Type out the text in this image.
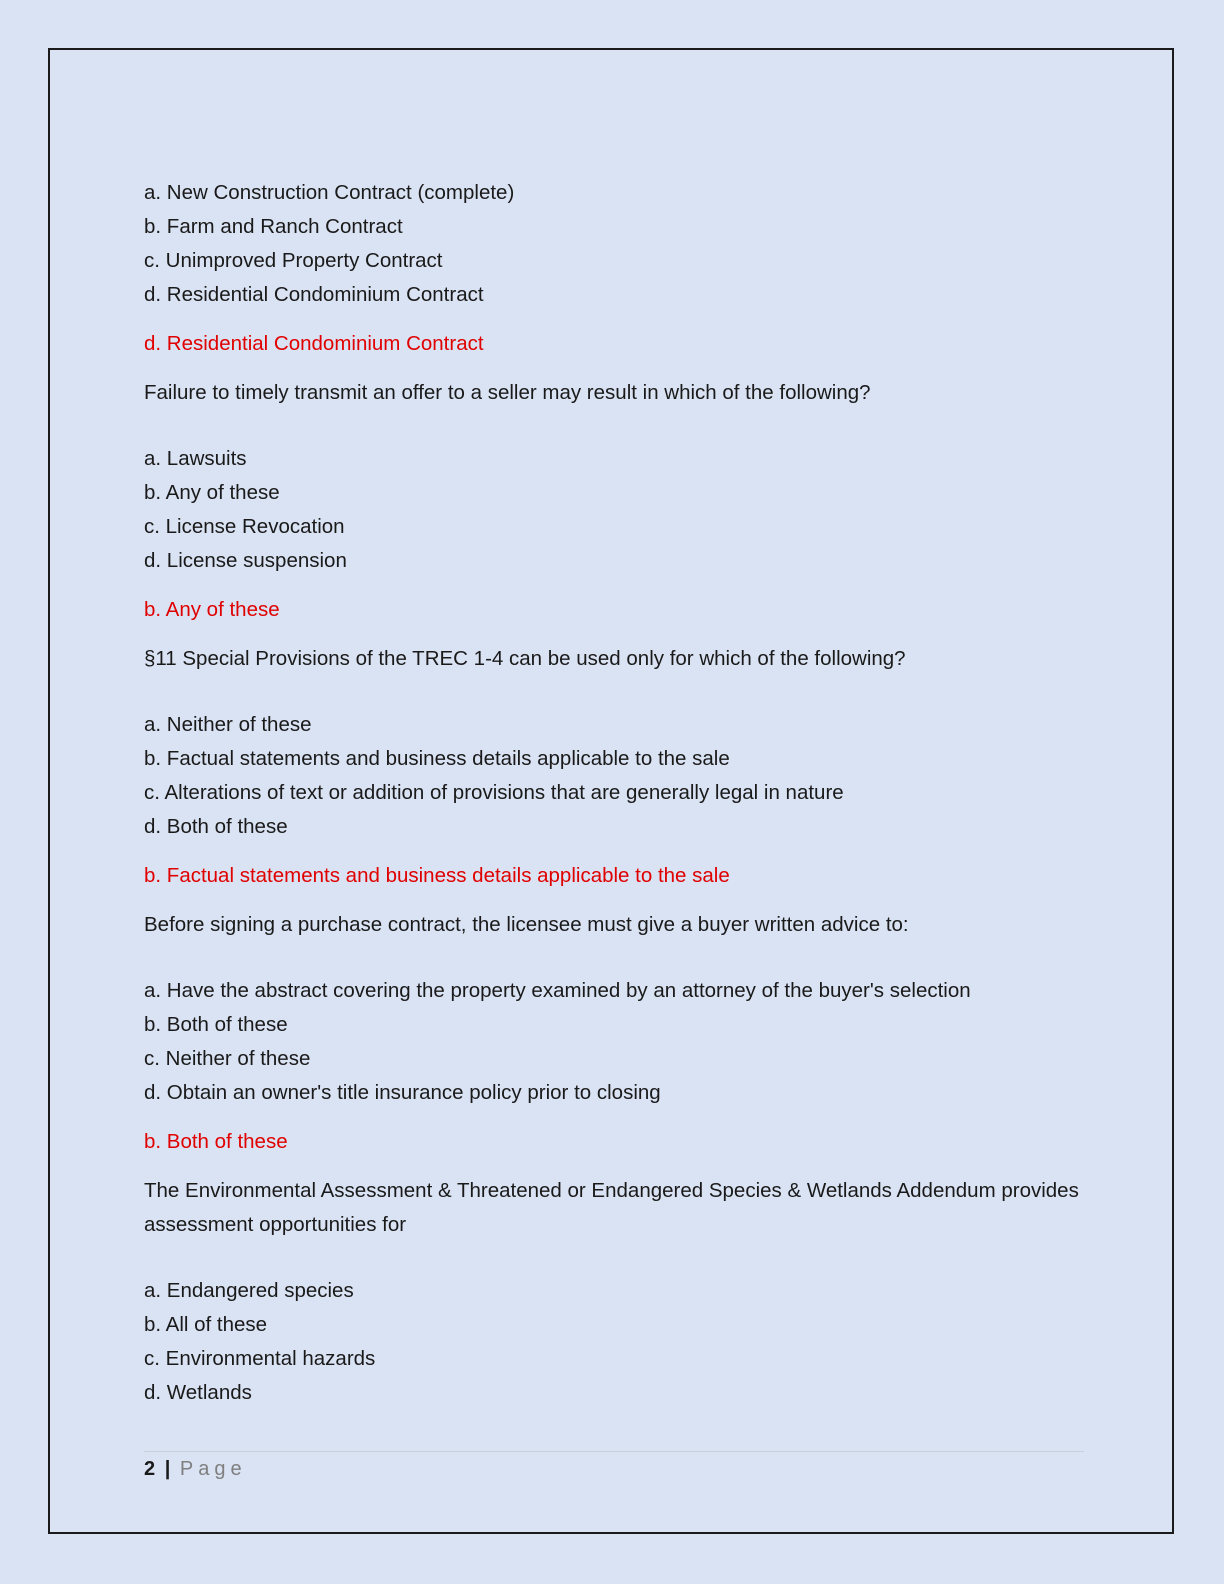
a. New Construction Contract (complete)
b. Farm and Ranch Contract
c. Unimproved Property Contract
d. Residential Condominium Contract
d. Residential Condominium Contract
Failure to timely transmit an offer to a seller may result in which of the following?
a. Lawsuits
b. Any of these
c. License Revocation
d. License suspension
b. Any of these
§11 Special Provisions of the TREC 1-4 can be used only for which of the following?
a. Neither of these
b. Factual statements and business details applicable to the sale
c. Alterations of text or addition of provisions that are generally legal in nature
d. Both of these
b. Factual statements and business details applicable to the sale
Before signing a purchase contract, the licensee must give a buyer written advice to:
a. Have the abstract covering the property examined by an attorney of the buyer's selection
b. Both of these
c. Neither of these
d. Obtain an owner's title insurance policy prior to closing
b. Both of these
The Environmental Assessment & Threatened or Endangered Species & Wetlands Addendum provides assessment opportunities for
a. Endangered species
b. All of these
c. Environmental hazards
d. Wetlands
2 | Page
